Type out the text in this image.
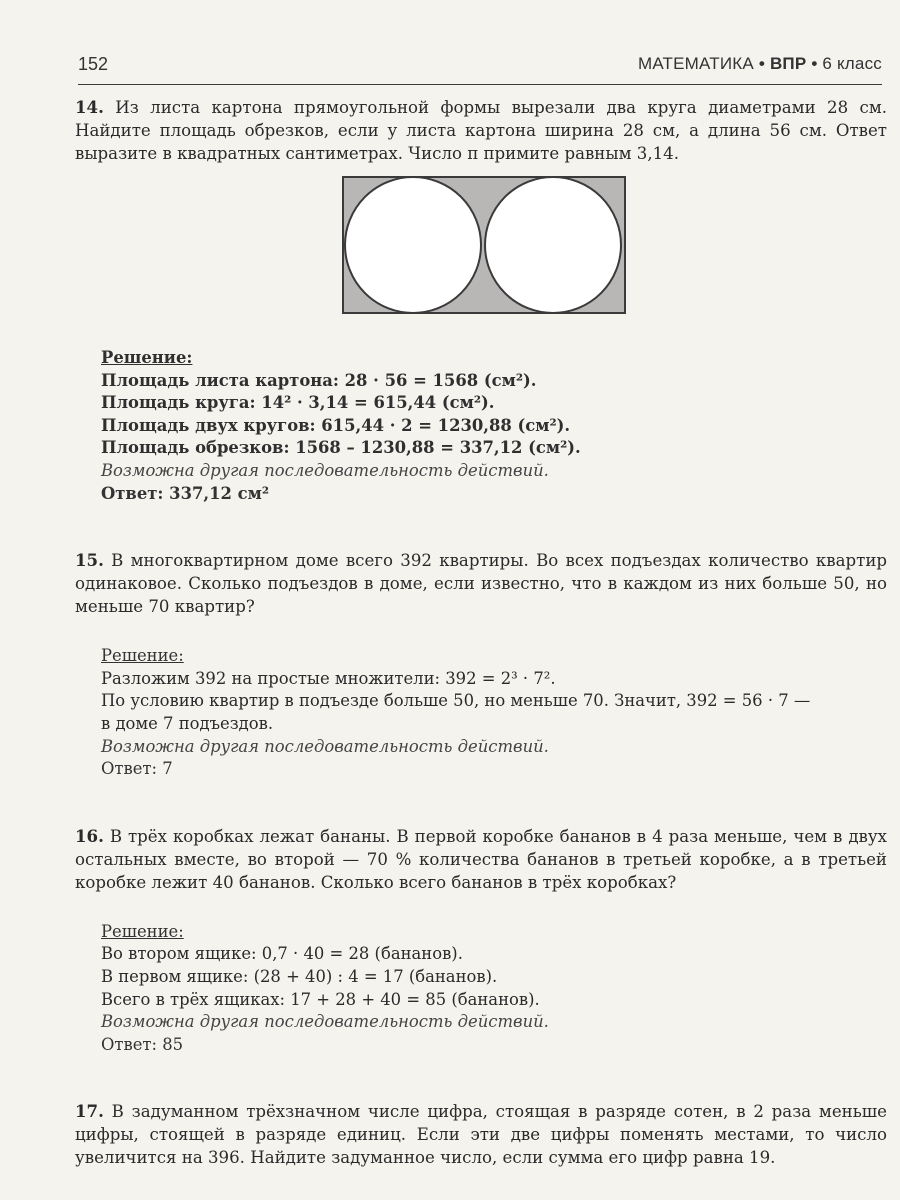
152	МАТЕМАТИКА • ВПР • 6 класс

14. Из листа картона прямоугольной формы вырезали два круга диаметрами 28 см. Найдите площадь обрезков, если у листа картона ширина 28 см, а длина 56 см. Ответ выразите в квадратных сантиметрах. Число π примите равным 3,14.

Решение:

Площадь листа картона: 28 · 56 = 1568 (см²).

Площадь круга: 14² · 3,14 = 615,44 (см²).

Площадь двух кругов: 615,44 · 2 = 1230,88 (см²).

Площадь обрезков: 1568 – 1230,88 = 337,12 (см²).

Возможна другая последовательность действий.

Ответ: 337,12 см²

15. В многоквартирном доме всего 392 квартиры. Во всех подъездах количество квартир одинаковое. Сколько подъездов в доме, если известно, что в каждом из них больше 50, но меньше 70 квартир?

Решение:

Разложим 392 на простые множители: 392 = 2³ · 7².

По условию квартир в подъезде больше 50, но меньше 70. Значит, 392 = 56 · 7 —

в доме 7 подъездов.

Возможна другая последовательность действий.

Ответ: 7

16. В трёх коробках лежат бананы. В первой коробке бананов в 4 раза меньше, чем в двух остальных вместе, во второй — 70 % количества бананов в третьей коробке, а в третьей коробке лежит 40 бананов. Сколько всего бананов в трёх коробках?

Решение:

Во втором ящике: 0,7 · 40 = 28 (бананов).

В первом ящике: (28 + 40) : 4 = 17 (бананов).

Всего в трёх ящиках: 17 + 28 + 40 = 85 (бананов).

Возможна другая последовательность действий.

Ответ: 85

17. В задуманном трёхзначном числе цифра, стоящая в разряде сотен, в 2 раза меньше цифры, стоящей в разряде единиц. Если эти две цифры поменять местами, то число увеличится на 396. Найдите задуманное число, если сумма его цифр равна 19.
